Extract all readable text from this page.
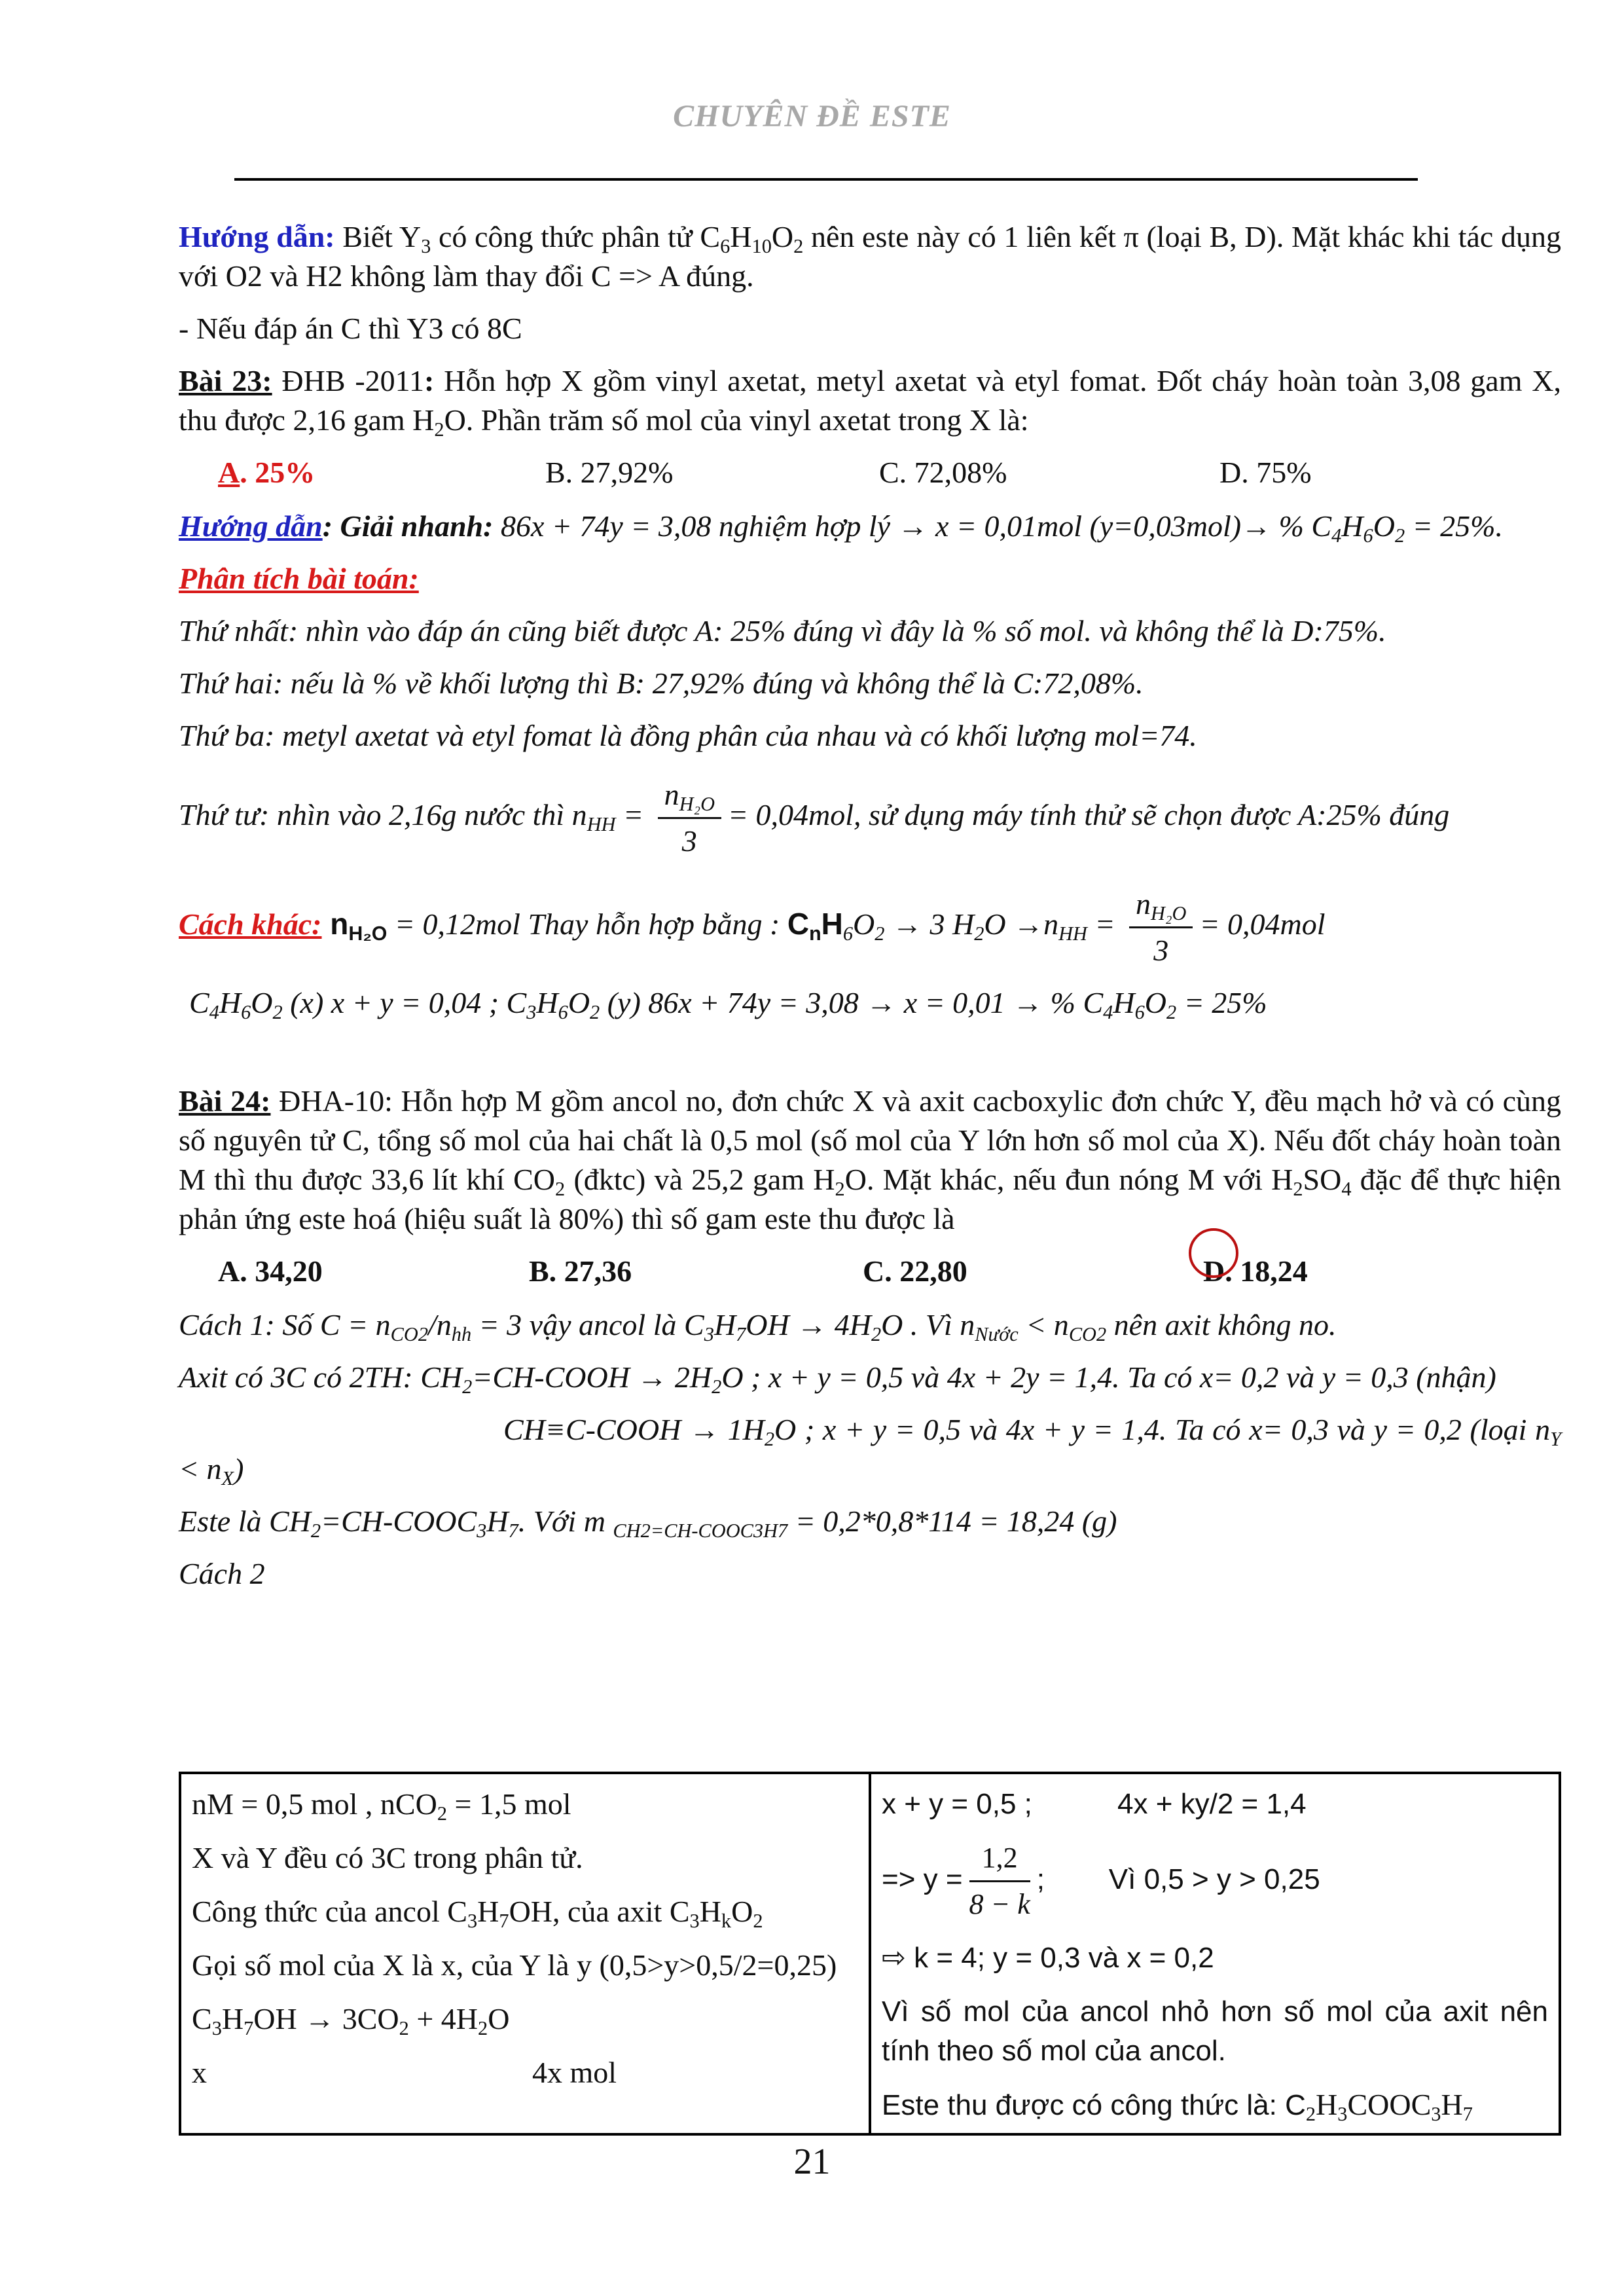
CHUYÊN ĐỀ ESTE

Hướng dẫn: Biết $Y_3$ có công thức phân tử $C_6H_{10}O_2$ nên este này có 1 liên kết π (loại B, D). Mặt khác khi tác dụng với O2 và H2 không làm thay đổi C => A đúng.

- Nếu đáp án C thì Y3 có 8C

Bài 23: ĐHB -2011: Hỗn hợp X gồm vinyl axetat, metyl axetat và etyl fomat. Đốt cháy hoàn toàn 3,08 gam X, thu được 2,16 gam $H_2O$. Phần trăm số mol của vinyl axetat trong X là:

A. 25%	B. 27,92%	C. 72,08%	D. 75%

Hướng dẫn: Giải nhanh: 86x + 74y = 3,08 nghiệm hợp lý → x = 0,01mol (y=0,03mol)→ % $C_4H_6O_2 = 25\%$.

Phân tích bài toán:

Thứ nhất: nhìn vào đáp án cũng biết được A: 25% đúng vì đây là % số mol. và không thể là D:75%.

Thứ hai: nếu là % về khối lượng thì B: 27,92% đúng và không thể là C:72,08%.

Thứ ba: metyl axetat và etyl fomat là đồng phân của nhau và có khối lượng mol=74.

Thứ tư: nhìn vào 2,16g nước thì $n_{HH} = \frac{n_{H_2O}}{3} = 0,04mol$, sử dụng máy tính thử sẽ chọn được A:25% đúng

Cách khác: $n_{H_2O} = 0,12mol$ Thay hỗn hợp bằng : $C_nH_6O_2 \to 3$ $H_2O \to n_{HH} = \frac{n_{H_2O}}{3} = 0,04mol$

$C_4H_6O_2$ (x) x + y = 0,04 ; $C_3H_6O_2$ (y) 86x + 74y = 3,08 → x = 0,01 → % $C_4H_6O_2 = 25\%$

Bài 24: ĐHA-10: Hỗn hợp M gồm ancol no, đơn chức X và axit cacboxylic đơn chức Y, đều mạch hở và có cùng số nguyên tử C, tổng số mol của hai chất là 0,5 mol (số mol của Y lớn hơn số mol của X). Nếu đốt cháy hoàn toàn M thì thu được 33,6 lít khí $CO_2$ (đktc) và 25,2 gam $H_2O$. Mặt khác, nếu đun nóng M với $H_2SO_4$ đặc để thực hiện phản ứng este hoá (hiệu suất là 80%) thì số gam este thu được là

A. 34,20	B. 27,36	C. 22,80	D. 18,24

Cách 1: Số $C = n_{CO2}/n_{hh} = 3$ vậy ancol là $C_3H_7OH \to 4H_2O$ . Vì $n_{Nước} < n_{CO2}$ nên axit không no.

Axit có 3C có 2TH: $CH_2=CH$-COOH → $2H_2O$ ; x + y = 0,5 và 4x + 2y = 1,4. Ta có x= 0,2 và y = 0,3 (nhận)

CH≡C-COOH → $1H_2O$ ; x + y = 0,5 và 4x + y = 1,4. Ta có x= 0,3 và y = 0,2 (loại $n_Y < n_X$)

Este là $CH_2=CH-COOC_3H_7$. Với m $_{CH2=CH-COOC3H7}$ = 0,2*0,8*114 = 18,24 (g)

Cách 2

nM = 0,5 mol , nCO$_2$ = 1,5 mol
X và Y đều có 3C trong phân tử.
Công thức của ancol $C_3H_7OH$, của axit $C_3H_kO_2$
Gọi số mol của X là x, của Y là y (0,5>y>0,5/2=0,25)
$C_3H_7OH \to 3CO_2 + 4H_2O$
x	4x mol

x + y = 0,5 ;	4x + ky/2 = 1,4
=> $y = \frac{1,2}{8 - k}$ ; Vì 0,5 > y > 0,25
⇨ k = 4; y = 0,3 và x = 0,2
Vì số mol của ancol nhỏ hơn số mol của axit nên tính theo số mol của ancol.
Este thu được có công thức là: $C_2H_3COOC_3H_7$
21
